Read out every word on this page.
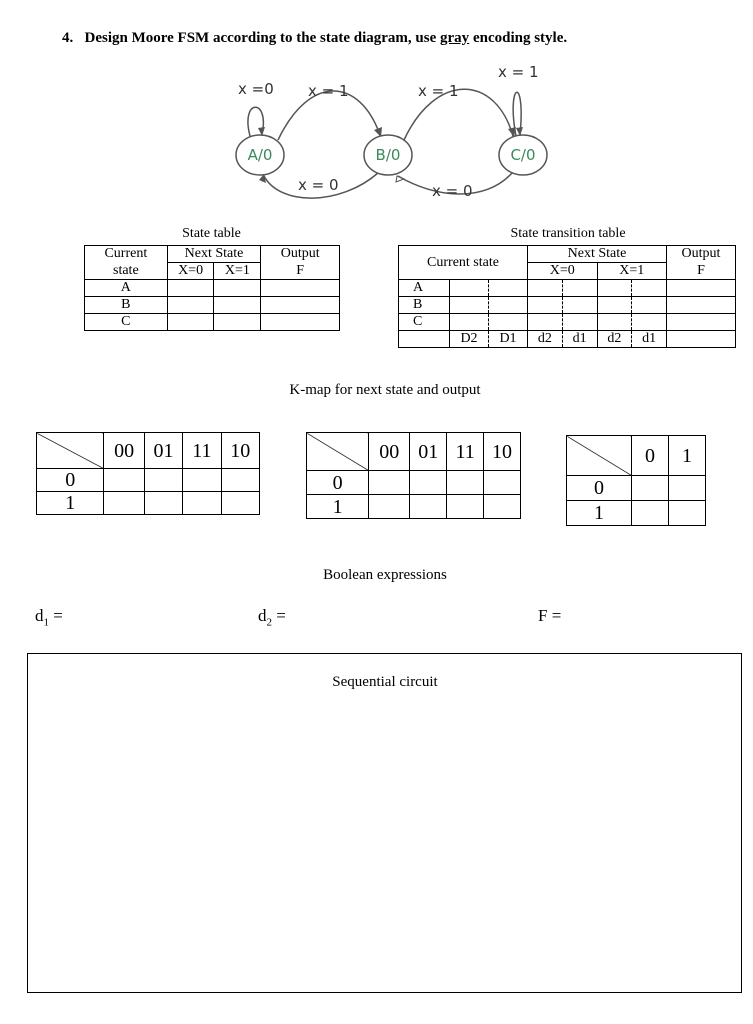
4. Design Moore FSM according to the state diagram, use gray encoding style.
A/0	B/0	C/0
x =0 x = 1	x = 1
x = 1
x = 0	x = 0
State table
Current	Next State		Output
state	X=0	X=1	F
A			
B			
C			
State transition table
Current state			Next State				Output
			X=0		X=1		F
A							
B							
C							
	D2	D1	d2	d1	d2	d1	
K-map for next state and output
	00	01	11	10
0				
1				
	00	01	11	10
0				
1				
	0	1
0		
1		
Boolean expressions
$d_1$ =	$d_2$ =	F =
Sequential circuit
